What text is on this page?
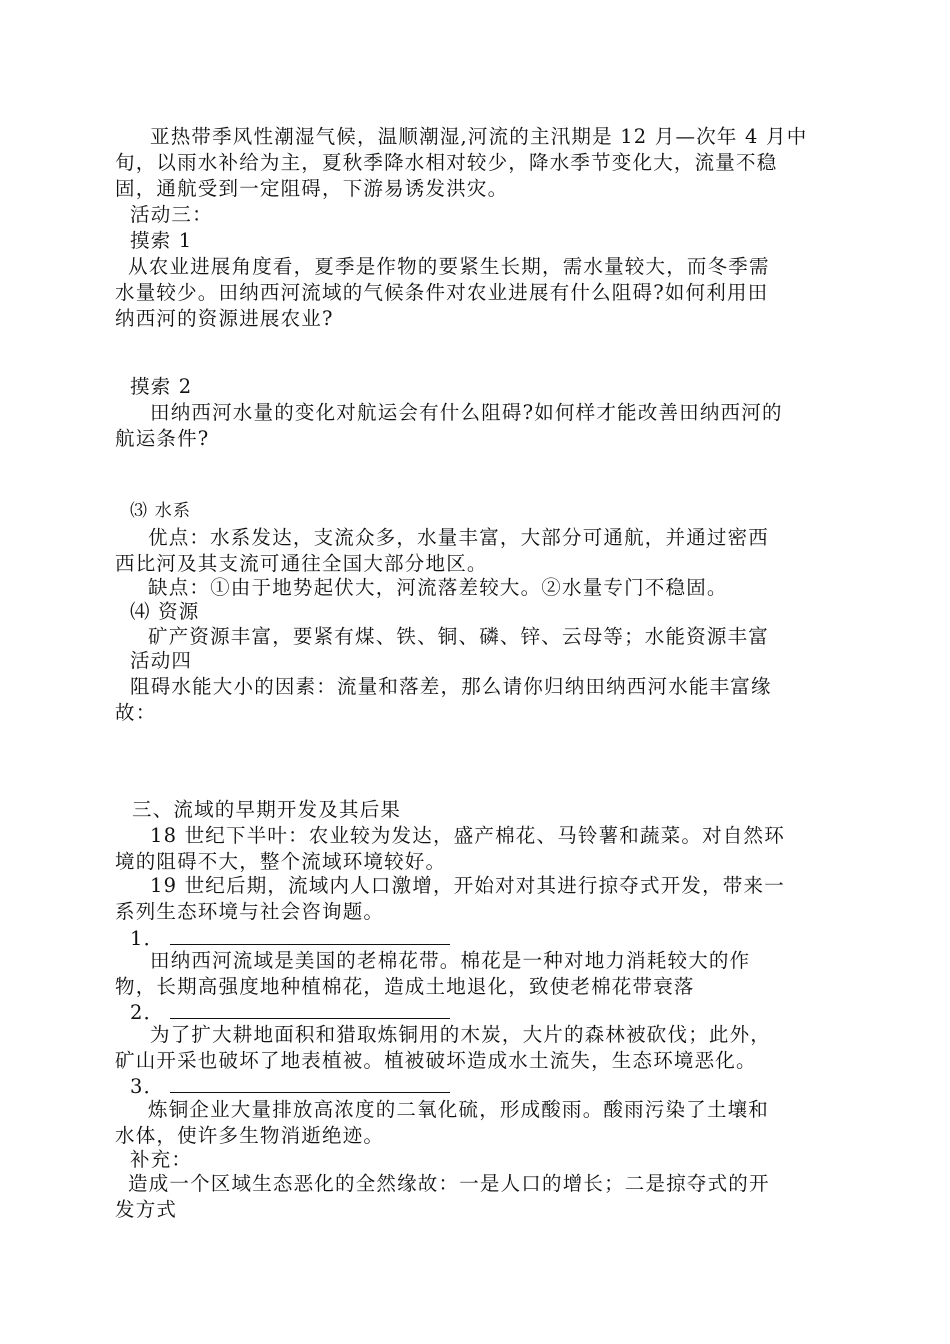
亚热带季风性潮湿气候，温顺潮湿,河流的主汛期是 12 月—次年 4 月中
旬，以雨水补给为主，夏秋季降水相对较少，降水季节变化大，流量不稳
固，通航受到一定阻碍，下游易诱发洪灾。
活动三：
摸索 1
从农业进展角度看，夏季是作物的要紧生长期，需水量较大，而冬季需
水量较少。田纳西河流域的气候条件对农业进展有什么阻碍?如何利用田
纳西河的资源进展农业?
摸索 2
田纳西河水量的变化对航运会有什么阻碍?如何样才能改善田纳西河的
航运条件?
⑶ 水系
优点：水系发达，支流众多，水量丰富，大部分可通航，并通过密西
西比河及其支流可通往全国大部分地区。
缺点：①由于地势起伏大，河流落差较大。②水量专门不稳固。
⑷ 资源
矿产资源丰富，要紧有煤、铁、铜、磷、锌、云母等；水能资源丰富
活动四
阻碍水能大小的因素：流量和落差，那么请你归纳田纳西河水能丰富缘
故：
三、流域的早期开发及其后果
18 世纪下半叶：农业较为发达，盛产棉花、马铃薯和蔬菜。对自然环
境的阻碍不大，整个流域环境较好。
19 世纪后期，流域内人口激增，开始对对其进行掠夺式开发，带来一
系列生态环境与社会咨询题。
1．
田纳西河流域是美国的老棉花带。棉花是一种对地力消耗较大的作
物，长期高强度地种植棉花，造成土地退化，致使老棉花带衰落
2．
为了扩大耕地面积和猎取炼铜用的木炭，大片的森林被砍伐；此外，
矿山开采也破坏了地表植被。植被破坏造成水土流失，生态环境恶化。
3．
炼铜企业大量排放高浓度的二氧化硫，形成酸雨。酸雨污染了土壤和
水体，使许多生物消逝绝迹。
补充：
造成一个区域生态恶化的全然缘故：一是人口的增长；二是掠夺式的开
发方式
